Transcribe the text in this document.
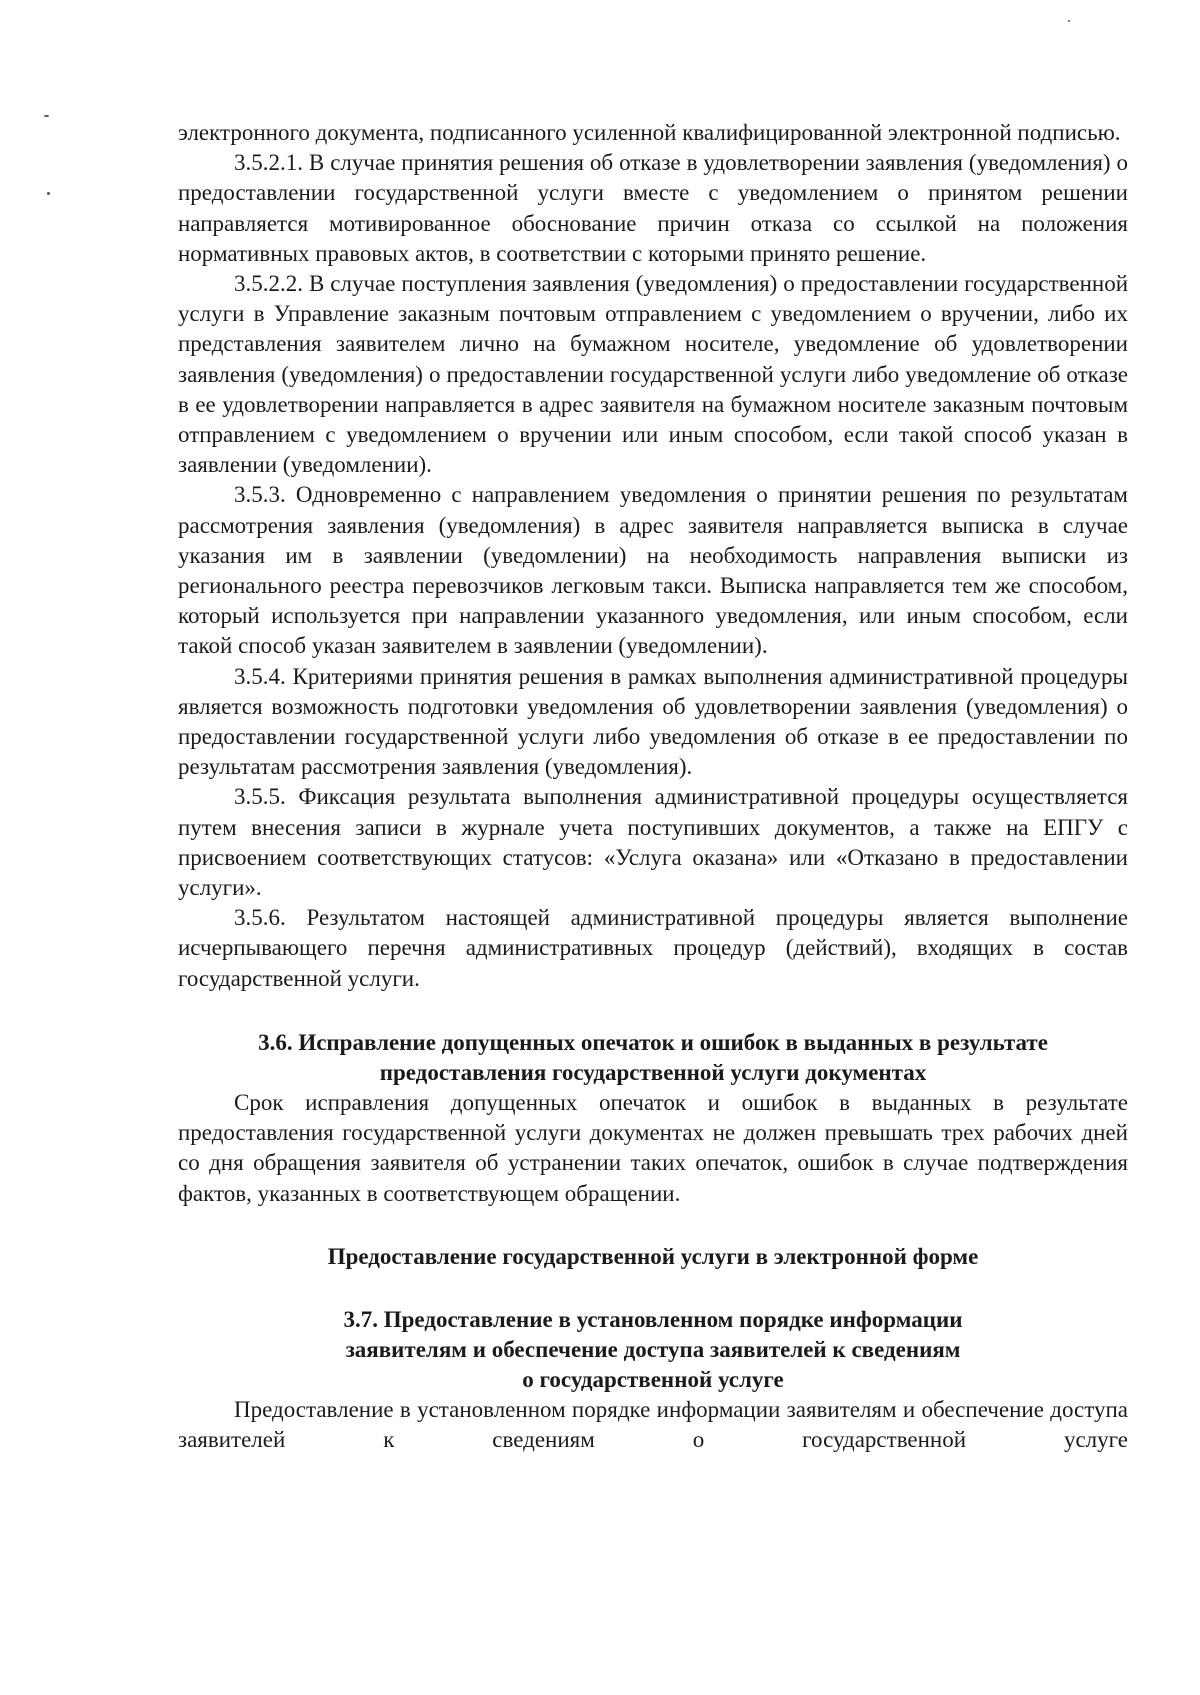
электронного документа, подписанного усиленной квалифицированной электронной подписью.

3.5.2.1. В случае принятия решения об отказе в удовлетворении заявления (уведомления) о предоставлении государственной услуги вместе с уведомлением о принятом решении направляется мотивированное обоснование причин отказа со ссылкой на положения нормативных правовых актов, в соответствии с которыми принято решение.

3.5.2.2. В случае поступления заявления (уведомления) о предоставлении государственной услуги в Управление заказным почтовым отправлением с уведомлением о вручении, либо их представления заявителем лично на бумажном носителе, уведомление об удовлетворении заявления (уведомления) о предоставлении государственной услуги либо уведомление об отказе в ее удовлетворении направляется в адрес заявителя на бумажном носителе заказным почтовым отправлением с уведомлением о вручении или иным способом, если такой способ указан в заявлении (уведомлении).

3.5.3. Одновременно с направлением уведомления о принятии решения по результатам рассмотрения заявления (уведомления) в адрес заявителя направляется выписка в случае указания им в заявлении (уведомлении) на необходимость направления выписки из регионального реестра перевозчиков легковым такси. Выписка направляется тем же способом, который используется при направлении указанного уведомления, или иным способом, если такой способ указан заявителем в заявлении (уведомлении).

3.5.4. Критериями принятия решения в рамках выполнения административной процедуры является возможность подготовки уведомления об удовлетворении заявления (уведомления) о предоставлении государственной услуги либо уведомления об отказе в ее предоставлении по результатам рассмотрения заявления (уведомления).

3.5.5. Фиксация результата выполнения административной процедуры осуществляется путем внесения записи в журнале учета поступивших документов, а также на ЕПГУ с присвоением соответствующих статусов: «Услуга оказана» или «Отказано в предоставлении услуги».

3.5.6. Результатом настоящей административной процедуры является выполнение исчерпывающего перечня административных процедур (действий), входящих в состав государственной услуги.

3.6. Исправление допущенных опечаток и ошибок в выданных в результате
предоставления государственной услуги документах

Срок исправления допущенных опечаток и ошибок в выданных в результате предоставления государственной услуги документах не должен превышать трех рабочих дней со дня обращения заявителя об устранении таких опечаток, ошибок в случае подтверждения фактов, указанных в соответствующем обращении.

Предоставление государственной услуги в электронной форме
3.7. Предоставление в установленном порядке информации
заявителям и обеспечение доступа заявителей к сведениям
о государственной услуге

Предоставление в установленном порядке информации заявителям и обеспечение доступа заявителей к сведениям о государственной услуге
